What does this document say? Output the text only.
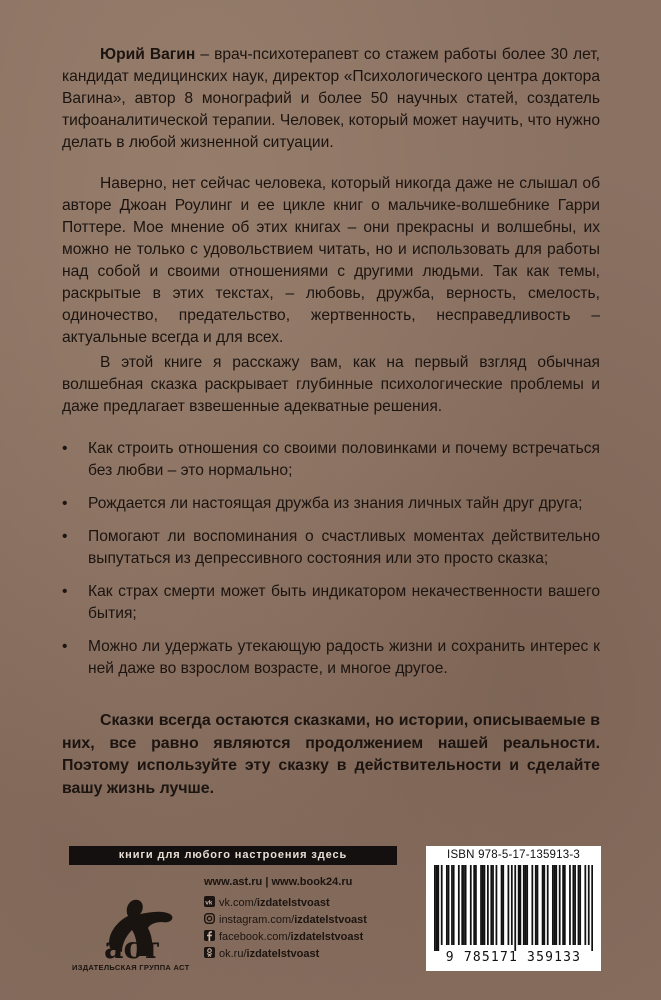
Юрий Вагин – врач-психотерапевт со стажем работы более 30 лет, кандидат медицинских наук, директор «Психологического центра доктора Вагина», автор 8 монографий и более 50 научных статей, создатель тифоаналитической терапии. Человек, который может научить, что нужно делать в любой жизненной ситуации.

Наверно, нет сейчас человека, который никогда даже не слышал об авторе Джоан Роулинг и ее цикле книг о мальчике-волшебнике Гарри Поттере. Мое мнение об этих книгах – они прекрасны и волшебны, их можно не только с удовольствием читать, но и использовать для работы над собой и своими отношениями с другими людьми. Так как темы, раскрытые в этих текстах, – любовь, дружба, верность, смелость, одиночество, предательство, жертвенность, несправедливость – актуальные всегда и для всех.

В этой книге я расскажу вам, как на первый взгляд обычная волшебная сказка раскрывает глубинные психологические проблемы и даже предлагает взвешенные адекватные решения.

• Как строить отношения со своими половинками и почему встречаться без любви – это нормально;
• Рождается ли настоящая дружба из знания личных тайн друг друга;
• Помогают ли воспоминания о счастливых моментах действительно выпутаться из депрессивного состояния или это просто сказка;
• Как страх смерти может быть индикатором некачественности вашего бытия;
• Можно ли удержать утекающую радость жизни и сохранить интерес к ней даже во взрослом возрасте, и многое другое.

Сказки всегда остаются сказками, но истории, описываемые в них, все равно являются продолжением нашей реальности. Поэтому используйте эту сказку в действительности и сделайте вашу жизнь лучше.

книги для любого настроения здесь
аст
ИЗДАТЕЛЬСКАЯ ГРУППА АСТ
www.ast.ru | www.book24.ru
vk vk.com/izdatelstvoast
instagram.com/izdatelstvoast
facebook.com/izdatelstvoast
ok.ru/izdatelstvoast
ISBN 978-5-17-135913-3
9 785171 359133
